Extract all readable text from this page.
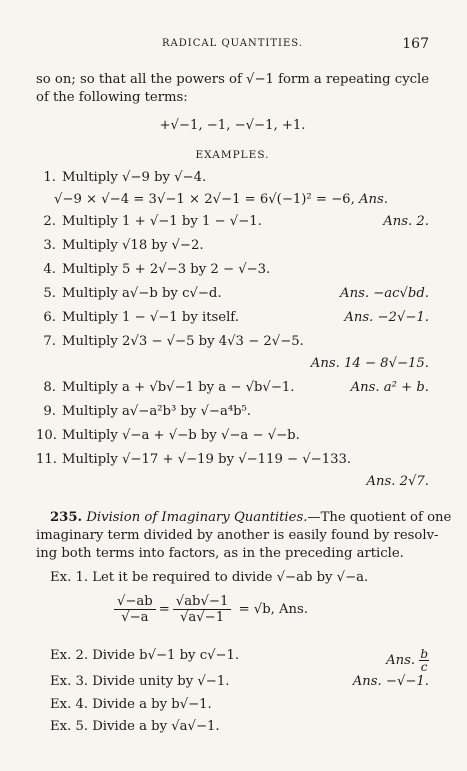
RADICAL QUANTITIES.	167
so on; so that all the powers of √−1 form a repeating cycle
of the following terms:
+√−1, −1, −√−1, +1.
EXAMPLES.
1. Multiply √−9 by √−4.
√−9 × √−4 = 3√−1 × 2√−1 = 6√(−1)² = −6, Ans.
2. Multiply 1 + √−1 by 1 − √−1.	Ans. 2.
3. Multiply √18 by √−2.
4. Multiply 5 + 2√−3 by 2 − √−3.
5. Multiply a√−b by c√−d.	Ans. −ac√bd.
6. Multiply 1 − √−1 by itself.	Ans. −2√−1.
7. Multiply 2√3 − √−5 by 4√3 − 2√−5.
Ans. 14 − 8√−15.
8. Multiply a + √b√−1 by a − √b√−1.	Ans. a² + b.
9. Multiply a√−a²b³ by √−a⁴b⁵.
10. Multiply √−a + √−b by √−a − √−b.
11. Multiply √−17 + √−19 by √−119 − √−133.
Ans. 2√7.
235. Division of Imaginary Quantities.—The quotient of one
imaginary term divided by another is easily found by resolv-
ing both terms into factors, as in the preceding article.
Ex. 1. Let it be required to divide √−ab by √−a.
$\frac{√-ab}{√-a} = \frac{√ab√-1}{√a√-1} = √b$, Ans.
Ex. 2. Divide b√−1 by c√−1.	Ans. $\frac{b}{c}$
Ex. 3. Divide unity by √−1.	Ans. −√−1.
Ex. 4. Divide a by b√−1.
Ex. 5. Divide a by √a√−1.
